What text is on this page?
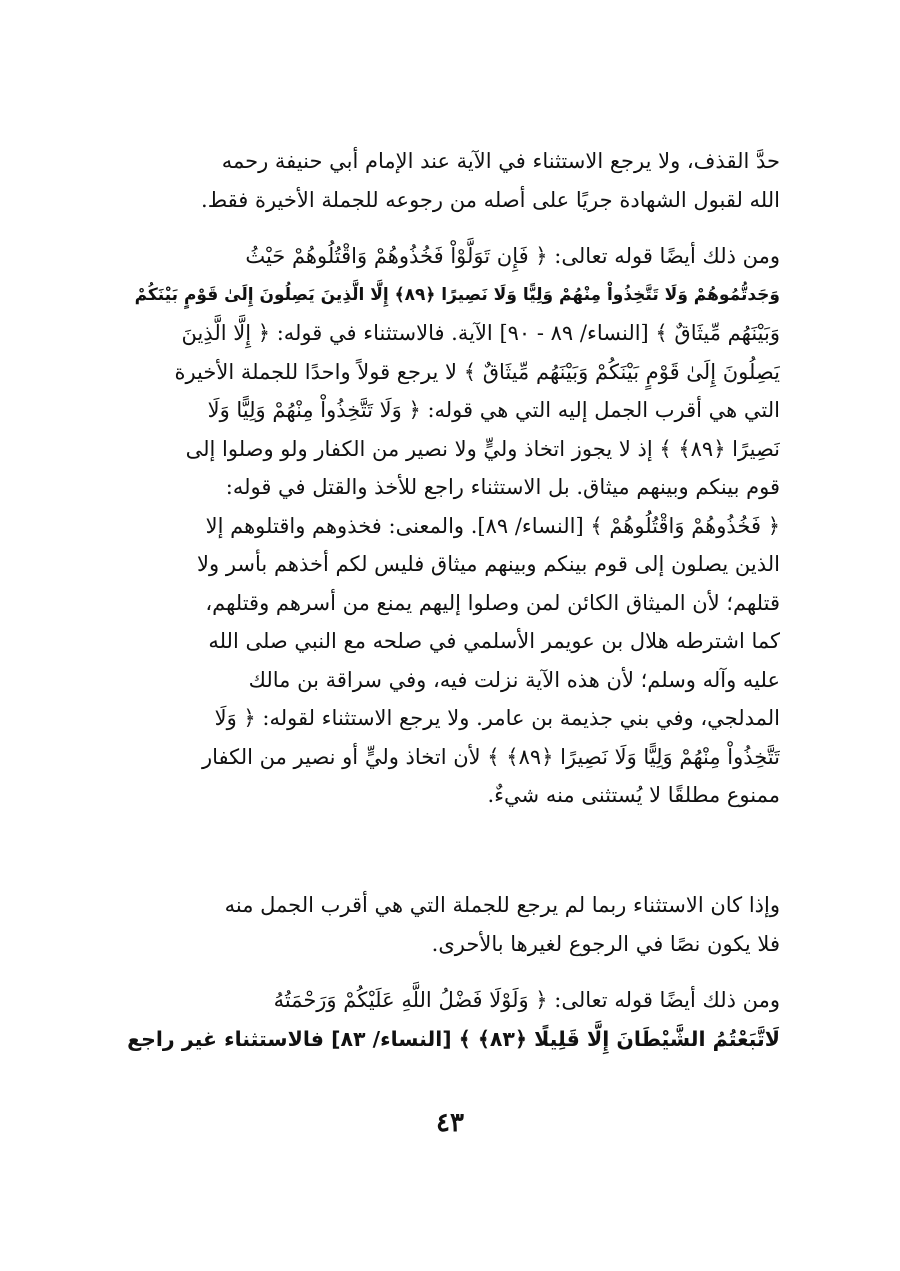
حدَّ القذف، ولا يرجع الاستثناء في الآية عند الإمام أبي حنيفة رحمه
الله لقبول الشهادة جريًا على أصله من رجوعه للجملة الأخيرة فقط.
ومن ذلك أيضًا قوله تعالى: ﴿ فَإِن تَوَلَّوْاْ فَخُذُوهُمْ وَاقْتُلُوهُمْ حَيْثُ
وَجَدتُّمُوهُمْ وَلَا تَتَّخِذُواْ مِنْهُمْ وَلِيًّا وَلَا نَصِيرًا ﴿٨٩﴾ إِلَّا الَّذِينَ يَصِلُونَ إِلَىٰ قَوْمٍ بَيْنَكُمْ
وَبَيْنَهُم مِّيثَاقٌ ﴾ [النساء/ ٨٩ - ٩٠] الآية. فالاستثناء في قوله: ﴿ إِلَّا الَّذِينَ
يَصِلُونَ إِلَىٰ قَوْمٍ بَيْنَكُمْ وَبَيْنَهُم مِّيثَاقٌ ﴾ لا يرجع قولاً واحدًا للجملة الأخيرة
التي هي أقرب الجمل إليه التي هي قوله: ﴿ وَلَا تَتَّخِذُواْ مِنْهُمْ وَلِيًّا وَلَا
نَصِيرًا ﴿٨٩﴾ ﴾ إذ لا يجوز اتخاذ وليٍّ ولا نصير من الكفار ولو وصلوا إلى
قوم بينكم وبينهم ميثاق. بل الاستثناء راجع للأخذ والقتل في قوله:
﴿ فَخُذُوهُمْ وَاقْتُلُوهُمْ ﴾ [النساء/ ٨٩]. والمعنى: فخذوهم واقتلوهم إلا
الذين يصلون إلى قوم بينكم وبينهم ميثاق فليس لكم أخذهم بأسر ولا
قتلهم؛ لأن الميثاق الكائن لمن وصلوا إليهم يمنع من أسرهم وقتلهم،
كما اشترطه هلال بن عويمر الأسلمي في صلحه مع النبي صلى الله
عليه وآله وسلم؛ لأن هذه الآية نزلت فيه، وفي سراقة بن مالك
المدلجي، وفي بني جذيمة بن عامر. ولا يرجع الاستثناء لقوله: ﴿ وَلَا
تَتَّخِذُواْ مِنْهُمْ وَلِيًّا وَلَا نَصِيرًا ﴿٨٩﴾ ﴾ لأن اتخاذ وليٍّ أو نصير من الكفار
ممنوع مطلقًا لا يُستثنى منه شيءٌ.
وإذا كان الاستثناء ربما لم يرجع للجملة التي هي أقرب الجمل منه
فلا يكون نصًا في الرجوع لغيرها بالأحرى.
ومن ذلك أيضًا قوله تعالى: ﴿ وَلَوْلَا فَضْلُ اللَّهِ عَلَيْكُمْ وَرَحْمَتُهُ
لَاتَّبَعْتُمُ الشَّيْطَانَ إِلَّا قَلِيلًا ﴿٨٣﴾ ﴾ [النساء/ ٨٣] فالاستثناء غير راجع
٤٣
